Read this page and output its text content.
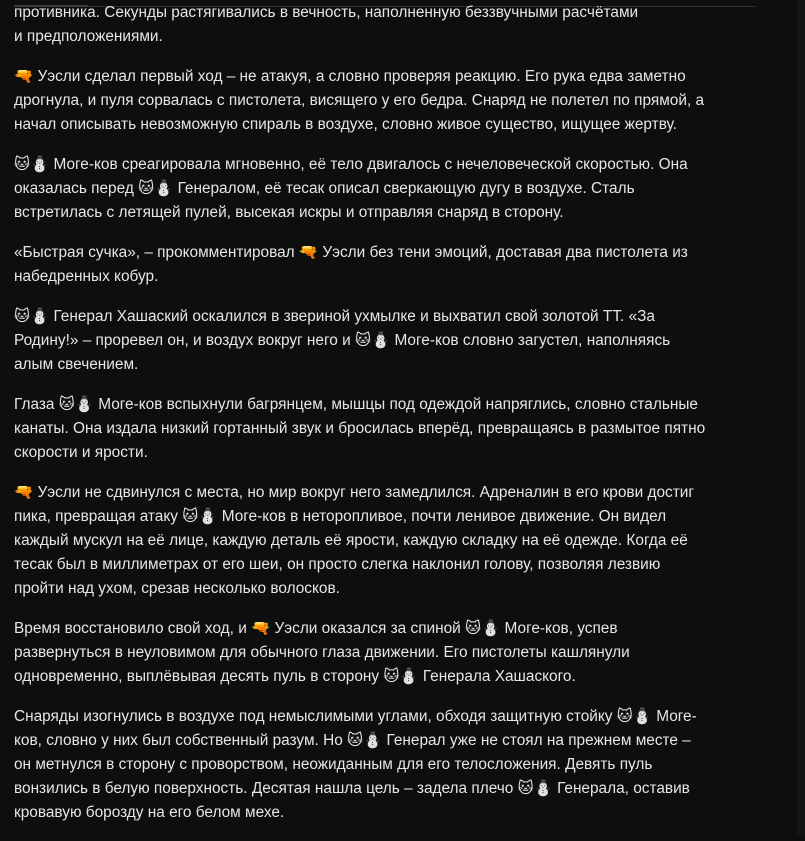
противника. Секунды растягивались в вечность, наполненную беззвучными расчётами
и предположениями.

🔫 Уэсли сделал первый ход – не атакуя, а словно проверяя реакцию. Его рука едва заметно
дрогнула, и пуля сорвалась с пистолета, висящего у его бедра. Снаряд не полетел по прямой, а
начал описывать невозможную спираль в воздухе, словно живое существо, ищущее жертву.

🐱⛄ Моге-ков среагировала мгновенно, её тело двигалось с нечеловеческой скоростью. Она
оказалась перед 🐱⛄ Генералом, её тесак описал сверкающую дугу в воздухе. Сталь
встретилась с летящей пулей, высекая искры и отправляя снаряд в сторону.

«Быстрая сучка», – прокомментировал 🔫 Уэсли без тени эмоций, доставая два пистолета из
набедренных кобур.

🐱⛄ Генерал Хашаский оскалился в звериной ухмылке и выхватил свой золотой ТТ. «За
Родину!» – проревел он, и воздух вокруг него и 🐱⛄ Моге-ков словно загустел, наполняясь
алым свечением.

Глаза 🐱⛄ Моге-ков вспыхнули багрянцем, мышцы под одеждой напряглись, словно стальные
канаты. Она издала низкий гортанный звук и бросилась вперёд, превращаясь в размытое пятно
скорости и ярости.

🔫 Уэсли не сдвинулся с места, но мир вокруг него замедлился. Адреналин в его крови достиг
пика, превращая атаку 🐱⛄ Моге-ков в неторопливое, почти ленивое движение. Он видел
каждый мускул на её лице, каждую деталь её ярости, каждую складку на её одежде. Когда её
тесак был в миллиметрах от его шеи, он просто слегка наклонил голову, позволяя лезвию
пройти над ухом, срезав несколько волосков.

Время восстановило свой ход, и 🔫 Уэсли оказался за спиной 🐱⛄ Моге-ков, успев
развернуться в неуловимом для обычного глаза движении. Его пистолеты кашлянули
одновременно, выплёвывая десять пуль в сторону 🐱⛄ Генерала Хашаского.

Снаряды изогнулись в воздухе под немыслимыми углами, обходя защитную стойку 🐱⛄ Моге-
ков, словно у них был собственный разум. Но 🐱⛄ Генерал уже не стоял на прежнем месте –
он метнулся в сторону с проворством, неожиданным для его телосложения. Девять пуль
вонзились в белую поверхность. Десятая нашла цель – задела плечо 🐱⛄ Генерала, оставив
кровавую борозду на его белом мехе.
